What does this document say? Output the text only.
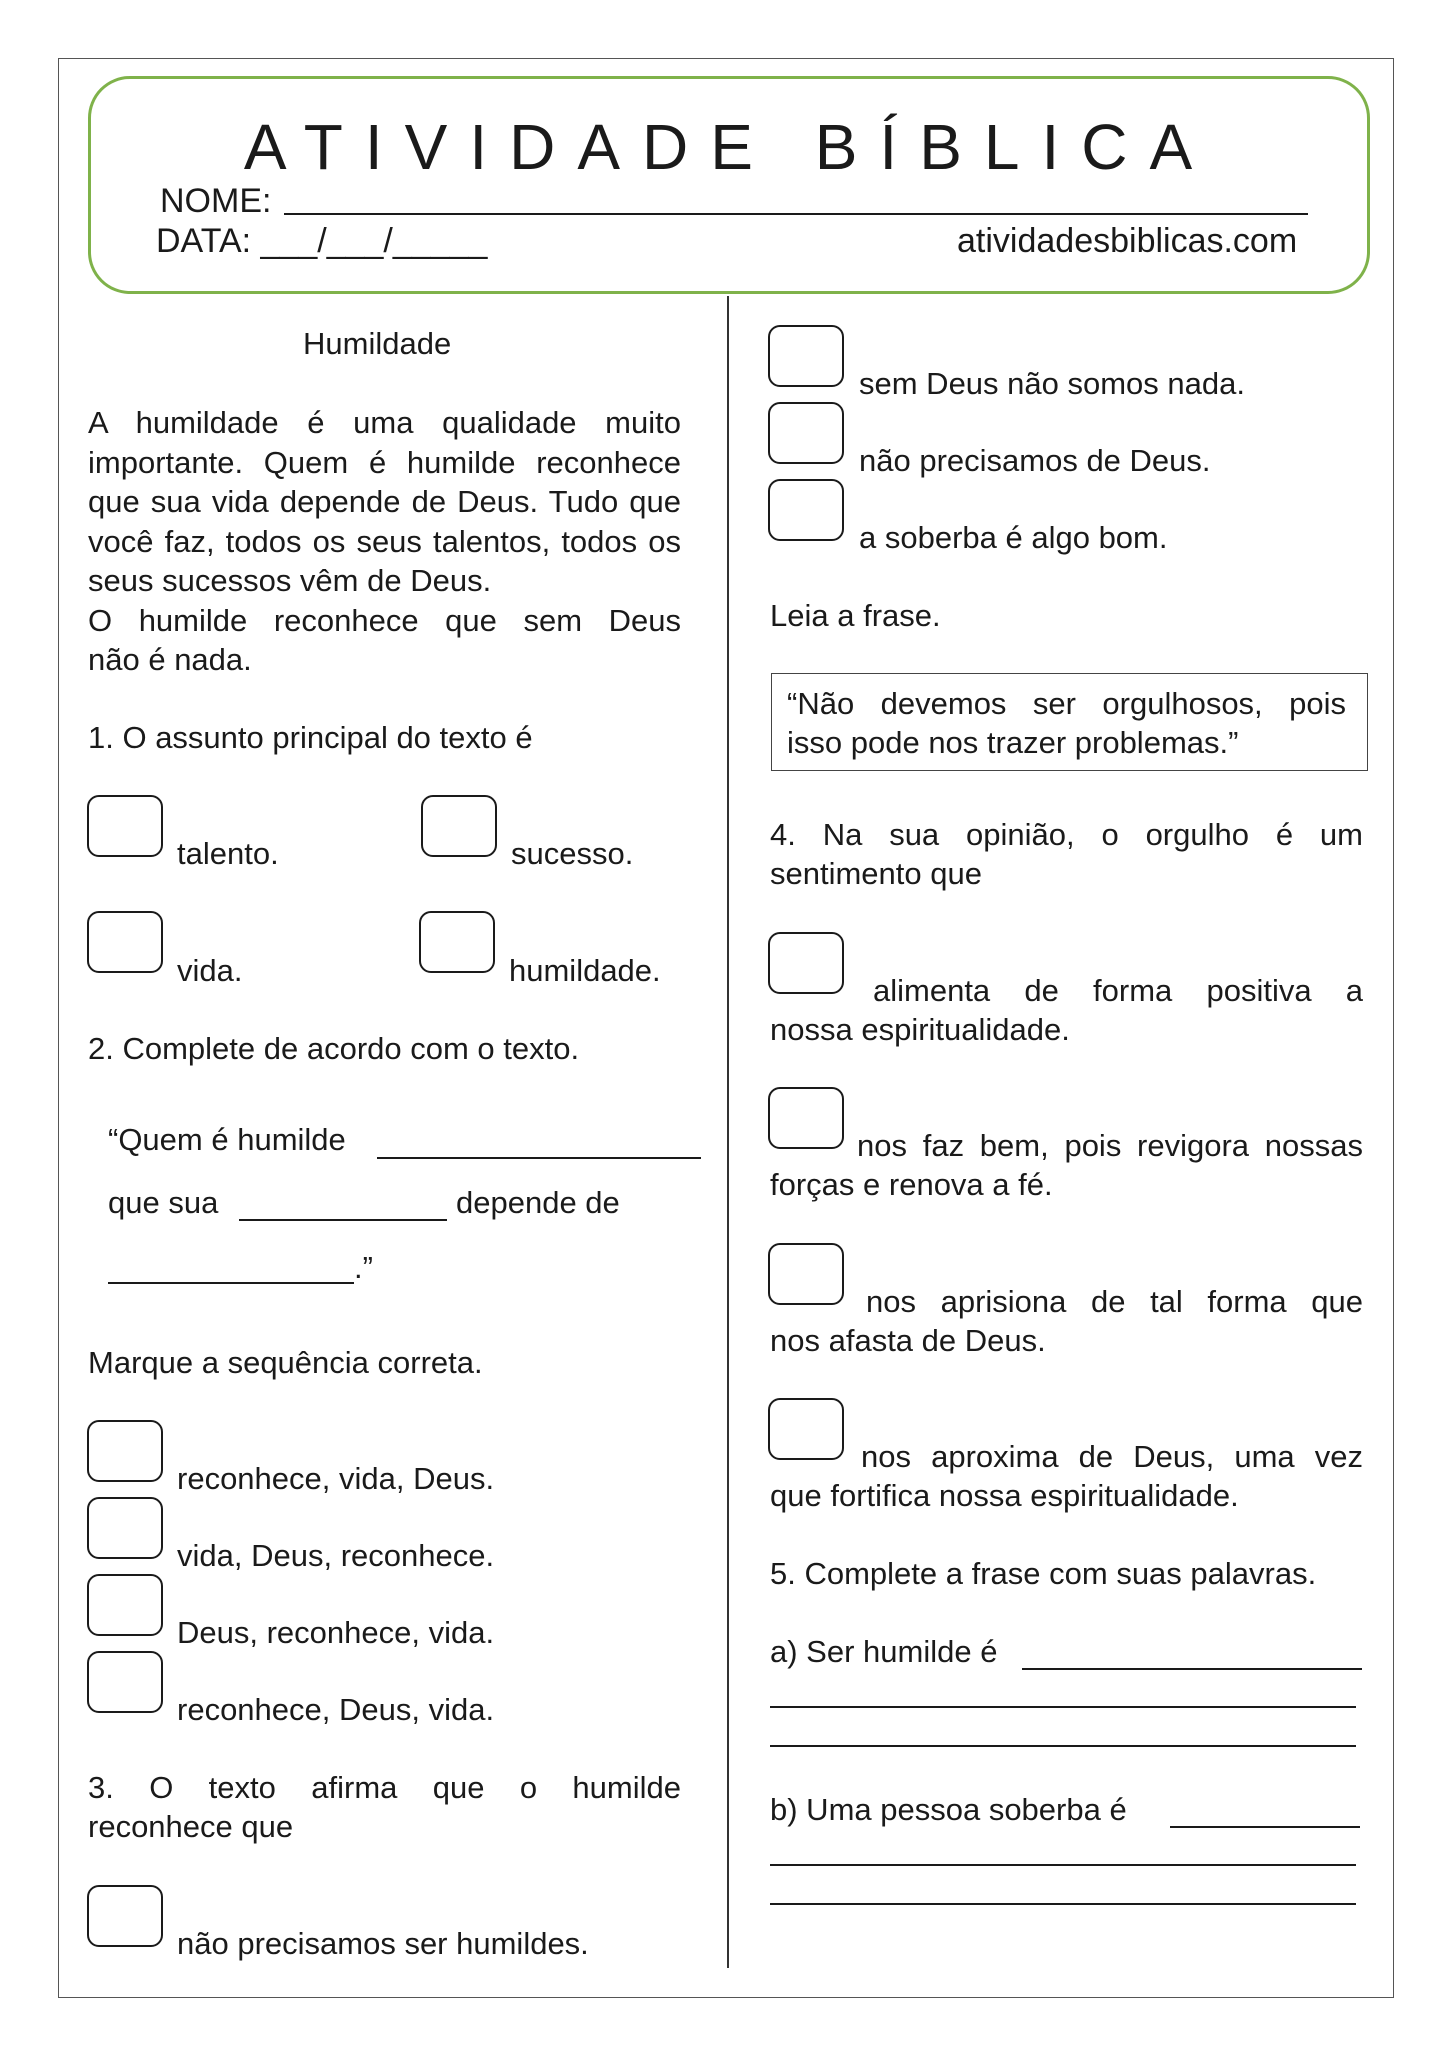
ATIVIDADE BÍBLICA
NOME:
DATA: ___/___/_____	atividadesbiblicas.com
Humildade
A humildade é uma qualidade muito importante. Quem é humilde reconhece que sua vida depende de Deus. Tudo que você faz, todos os seus talentos, todos os seus sucessos vêm de Deus.
O humilde reconhece que sem Deus
não é nada.
1. O assunto principal do texto é
talento.	sucesso.
vida.	humildade.
2. Complete de acordo com o texto.
“Quem é humilde
que sua	depende de
.”
Marque a sequência correta.
reconhece, vida, Deus.
vida, Deus, reconhece.
Deus, reconhece, vida.
reconhece, Deus, vida.
3. O texto afirma que o humilde
reconhece que
não precisamos ser humildes.
sem Deus não somos nada.
não precisamos de Deus.
a soberba é algo bom.
Leia a frase.
“Não devemos ser orgulhosos, pois
isso pode nos trazer problemas.”
4. Na sua opinião, o orgulho é um
sentimento que
alimenta de forma positiva a
nossa espiritualidade.
nos faz bem, pois revigora nossas
forças e renova a fé.
nos aprisiona de tal forma que
nos afasta de Deus.
nos aproxima de Deus, uma vez
que fortifica nossa espiritualidade.
5. Complete a frase com suas palavras.
a) Ser humilde é
b) Uma pessoa soberba é
